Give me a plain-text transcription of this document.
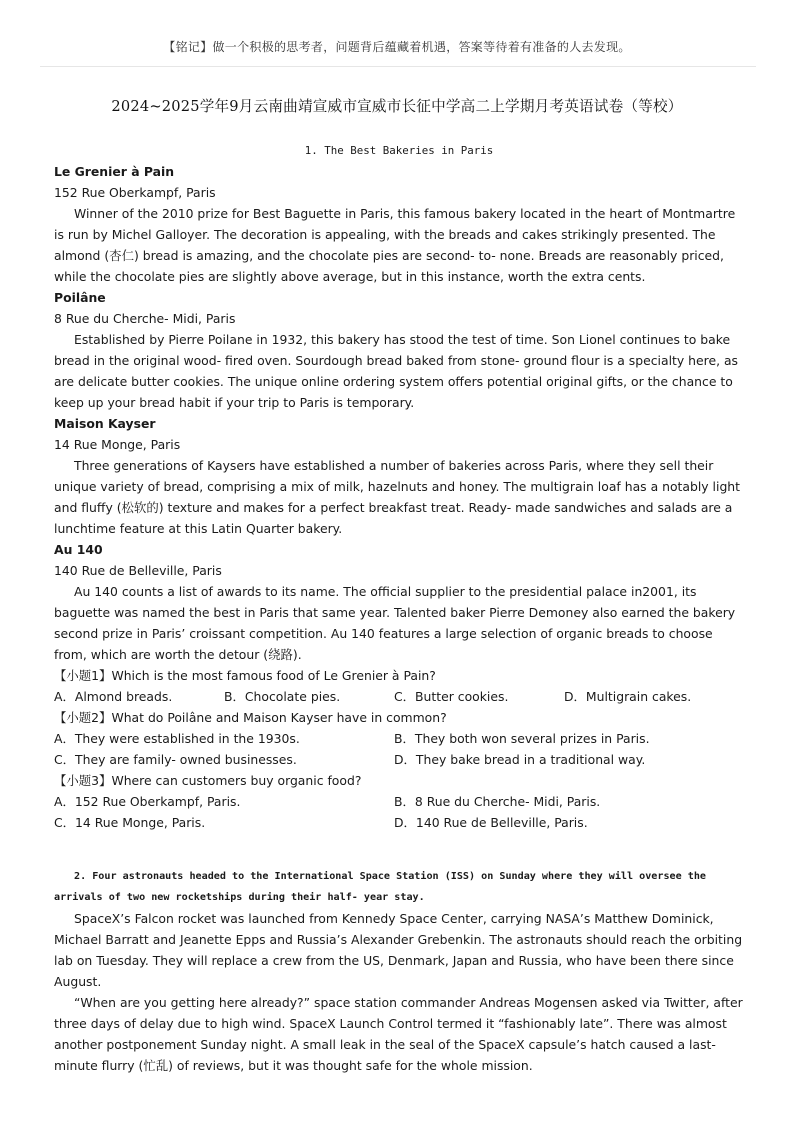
【铭记】做一个积极的思考者，问题背后蕴藏着机遇，答案等待着有准备的人去发现。
2024~2025学年9月云南曲靖宣威市宣威市长征中学高二上学期月考英语试卷（等校）
1. The Best Bakeries in Paris
Le Grenier à Pain
152 Rue Oberkampf, Paris
Winner of the 2010 prize for Best Baguette in Paris, this famous bakery located in the heart of Montmartre is run by Michel Galloyer. The decoration is appealing, with the breads and cakes strikingly presented. The almond (杏仁) bread is amazing, and the chocolate pies are second- to- none. Breads are reasonably priced, while the chocolate pies are slightly above average, but in this instance, worth the extra cents.
Poilâne
8 Rue du Cherche- Midi, Paris
Established by Pierre Poilane in 1932, this bakery has stood the test of time. Son Lionel continues to bake bread in the original wood- fired oven. Sourdough bread baked from stone- ground flour is a specialty here, as are delicate butter cookies. The unique online ordering system offers potential original gifts, or the chance to keep up your bread habit if your trip to Paris is temporary.
Maison Kayser
14 Rue Monge, Paris
Three generations of Kaysers have established a number of bakeries across Paris, where they sell their unique variety of bread, comprising a mix of milk, hazelnuts and honey. The multigrain loaf has a notably light and fluffy (松软的) texture and makes for a perfect breakfast treat. Ready- made sandwiches and salads are a lunchtime feature at this Latin Quarter bakery.
Au 140
140 Rue de Belleville, Paris
Au 140 counts a list of awards to its name. The official supplier to the presidential palace in2001, its baguette was named the best in Paris that same year. Talented baker Pierre Demoney also earned the bakery second prize in Paris’ croissant competition. Au 140 features a large selection of organic breads to choose from, which are worth the detour (绕路).
【小题1】Which is the most famous food of Le Grenier à Pain?
A．Almond breads.	B．Chocolate pies.	C．Butter cookies.	D．Multigrain cakes.
【小题2】What do Poilâne and Maison Kayser have in common?
A．They were established in the 1930s.	B．They both won several prizes in Paris.
C．They are family- owned businesses.	D．They bake bread in a traditional way.
【小题3】Where can customers buy organic food?
A．152 Rue Oberkampf, Paris.	B．8 Rue du Cherche- Midi, Paris.
C．14 Rue Monge, Paris.	D．140 Rue de Belleville, Paris.
2. Four astronauts headed to the International Space Station (ISS) on Sunday where they will oversee the arrivals of two new rocketships during their half- year stay.
SpaceX’s Falcon rocket was launched from Kennedy Space Center, carrying NASA’s Matthew Dominick, Michael Barratt and Jeanette Epps and Russia’s Alexander Grebenkin. The astronauts should reach the orbiting lab on Tuesday. They will replace a crew from the US, Denmark, Japan and Russia, who have been there since August.
“When are you getting here already?” space station commander Andreas Mogensen asked via Twitter, after three days of delay due to high wind. SpaceX Launch Control termed it “fashionably late”. There was almost another postponement Sunday night. A small leak in the seal of the SpaceX capsule’s hatch caused a last- minute flurry (忙乱) of reviews, but it was thought safe for the whole mission.
